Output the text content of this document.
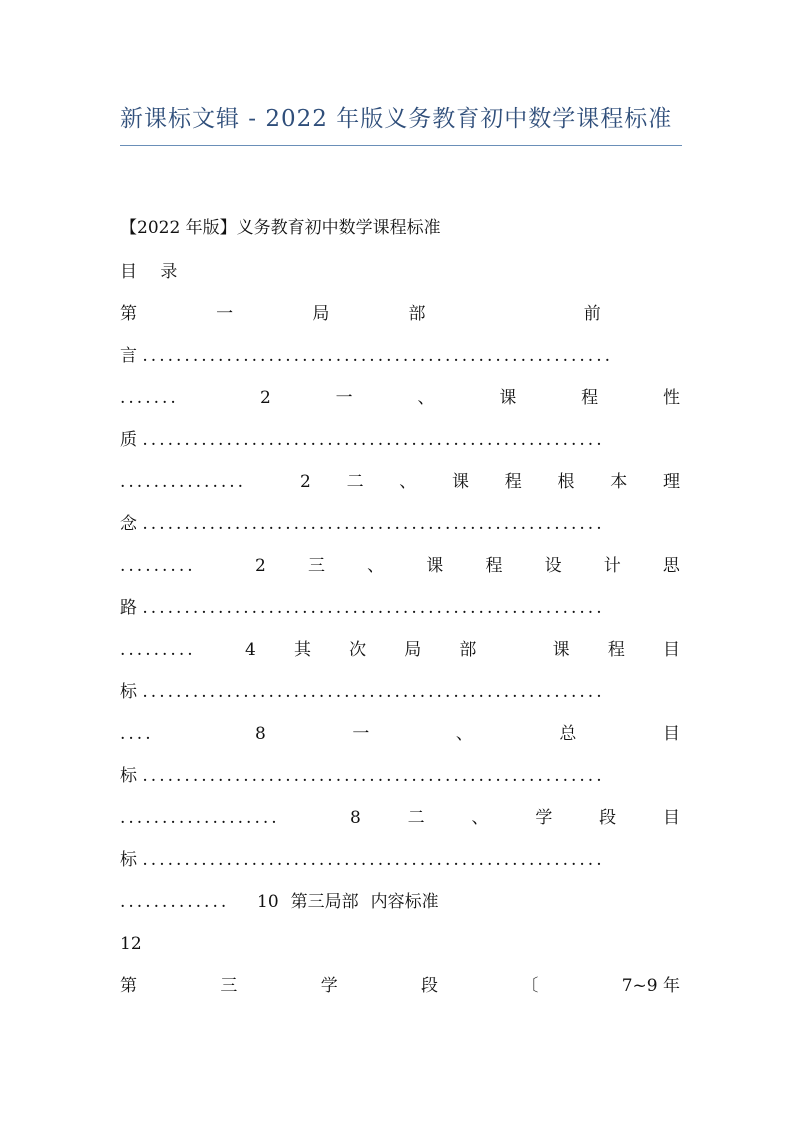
新课标文辑 - 2022 年版义务教育初中数学课程标准
【2022 年版】义务教育初中数学课程标准
目 录
第	一	局	部	前
言 ........................................................
.......	2	一	、	课	程	性
质 .......................................................
...............	2 二 、 课 程 根 本 理
念 .......................................................
.........	2 三 、 课 程 设 计 思
路 .......................................................
.........	4 其 次 局 部	课 程 目
标 .......................................................
....	8	一	、	总	目
标 .......................................................
...................	8	二	、	学	段	目
标 .......................................................
.............	10 第三局部 内容标准
12
第	三	学	段	〔	7~9 年
